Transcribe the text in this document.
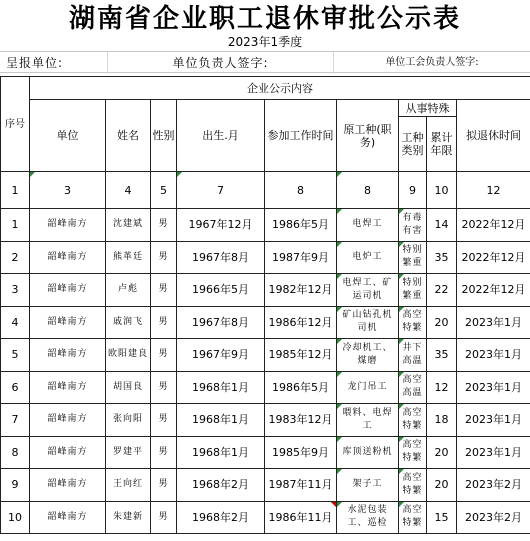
湖南省企业职工退休审批公示表
2023年1季度
呈报单位:	单位负责人签字:	单位工会负责人签字:
序号	企业公示内容								
	单位	姓名	性别	出生.月	参加工作时间	原工种(职务)	从事特殊		拟退休时间
							工种类别	累计年限	
1	3	4	5	7	8	8	9	10	12
1	韶峰南方	沈建斌	男	1967年12月	1986年5月	电焊工	有毒有害	14	2022年12月
2	韶峰南方	熊革廷	男	1967年8月	1987年9月	电炉工	特别繁重	35	2022年12月
3	韶峰南方	卢彪	男	1966年5月	1982年12月	电焊工、矿运司机	特别繁重	22	2022年12月
4	韶峰南方	戚润飞	男	1967年8月	1986年12月	矿山钻孔机司机	高空特繁	20	2023年1月
5	韶峰南方	欧阳建良	男	1967年9月	1985年12月	冷却机工、煤磨	井下高温	35	2023年1月
6	韶峰南方	胡国良	男	1968年1月	1986年5月	龙门吊工	高空高温	12	2023年1月
7	韶峰南方	张向阳	男	1968年1月	1983年12月	喂料、电焊工	高空特繁	18	2023年1月
8	韶峰南方	罗建平	男	1968年1月	1985年9月	库顶送粉机	高空特繁	20	2023年1月
9	韶峰南方	王向红	男	1968年2月	1987年11月	架子工	高空特繁	20	2023年2月
10	韶峰南方	朱建新	男	1968年2月	1986年11月	水泥包装工、巡检	高空特繁	15	2023年2月
